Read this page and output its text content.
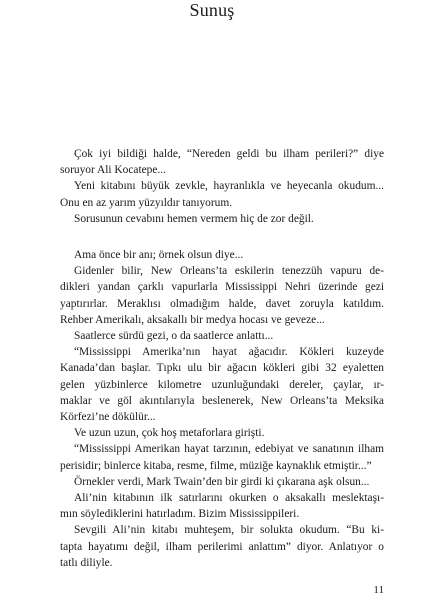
Sunuş

Çok iyi bildiği halde, “Nereden geldi bu ilham perileri?” diye

soruyor Ali Kocatepe...

Yeni kitabını büyük zevkle, hayranlıkla ve heyecanla okudum...

Onu en az yarım yüzyıldır tanıyorum.

Sorusunun cevabını hemen vermem hiç de zor değil.

Ama önce bir anı; örnek olsun diye...

Gidenler bilir, New Orleans’ta eskilerin tenezzüh vapuru de-

dikleri yandan çarklı vapurlarla Mississippi Nehri üzerinde gezi

yaptırırlar. Meraklısı olmadığım halde, davet zoruyla katıldım.

Rehber Amerikalı, aksakallı bir medya hocası ve geveze...

Saatlerce sürdü gezi, o da saatlerce anlattı...

“Mississippi Amerika’nın hayat ağacıdır. Kökleri kuzeyde

Kanada’dan başlar. Tıpkı ulu bir ağacın kökleri gibi 32 eyaletten

gelen yüzbinlerce kilometre uzunluğundaki dereler, çaylar, ır-

maklar ve göl akıntılarıyla beslenerek, New Orleans’ta Meksika

Körfezi’ne dökülür...

Ve uzun uzun, çok hoş metaforlara girişti.

“Mississippi Amerikan hayat tarzının, edebiyat ve sanatının ilham

perisidir; binlerce kitaba, resme, filme, müziğe kaynaklık etmiştir...”

Örnekler verdi, Mark Twain’den bir girdi ki çıkarana aşk olsun...

Ali’nin kitabının ilk satırlarını okurken o aksakallı meslektaşı-

mın söylediklerini hatırladım. Bizim Mississippileri.

Sevgili Ali’nin kitabı muhteşem, bir solukta okudum. “Bu ki-

tapta hayatımı değil, ilham perilerimi anlattım” diyor. Anlatıyor o

tatlı diliyle.

11
